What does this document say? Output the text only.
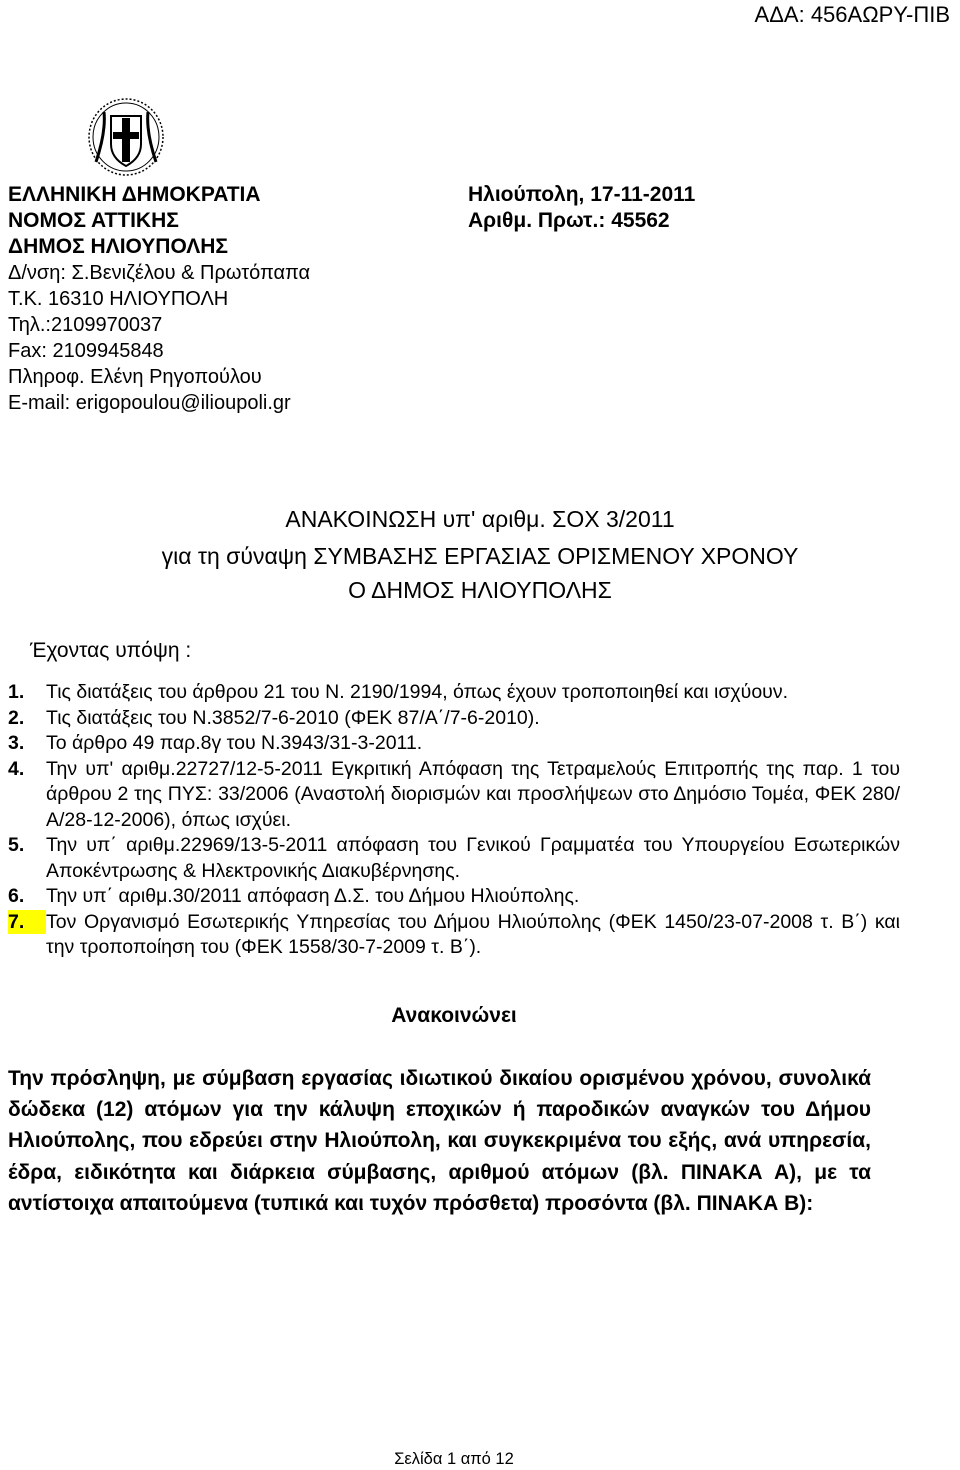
ΑΔΑ: 456ΑΩΡΥ-ΠΙΒ
ΕΛΛΗΝΙΚΗ ΔΗΜΟΚΡΑΤΙΑ
ΝΟΜΟΣ ΑΤΤΙΚΗΣ
ΔΗΜΟΣ ΗΛΙΟΥΠΟΛΗΣ
Δ/νση: Σ.Βενιζέλου & Πρωτόπαπα
Τ.Κ. 16310 ΗΛΙΟΥΠΟΛΗ
Τηλ.:2109970037
Fax: 2109945848
Πληροφ. Ελένη Ρηγοπούλου
E-mail: erigopoulou@ilioupoli.gr
Ηλιούπολη, 17-11-2011
Αριθμ. Πρωτ.: 45562
ΑΝΑΚΟΙΝΩΣΗ υπ' αριθμ. ΣΟΧ 3/2011
για τη σύναψη ΣΥΜΒΑΣΗΣ ΕΡΓΑΣΙΑΣ ΟΡΙΣΜΕΝΟΥ ΧΡΟΝΟΥ
Ο ΔΗΜΟΣ ΗΛΙΟΥΠΟΛΗΣ
Έχοντας υπόψη :
1.	Τις διατάξεις του άρθρου 21 του Ν. 2190/1994, όπως έχουν τροποποιηθεί και ισχύουν.
2.	Τις διατάξεις του Ν.3852/7-6-2010 (ΦΕΚ 87/Α΄/7-6-2010).
3.	Το άρθρο 49 παρ.8γ του Ν.3943/31-3-2011.
4.	Την υπ' αριθμ.22727/12-5-2011 Εγκριτική Απόφαση της Τετραμελούς Επιτροπής της παρ. 1 του άρθρου 2 της ΠΥΣ: 33/2006 (Αναστολή διορισμών και προσλήψεων στο Δημόσιο Τομέα, ΦΕΚ 280/Α/28-12-2006), όπως ισχύει.
5.	Την υπ΄ αριθμ.22969/13-5-2011 απόφαση του Γενικού Γραμματέα του Υπουργείου Εσωτερικών Αποκέντρωσης & Ηλεκτρονικής Διακυβέρνησης.
6.	Την υπ΄ αριθμ.30/2011 απόφαση Δ.Σ. του Δήμου Ηλιούπολης.
7.	Τον Οργανισμό Εσωτερικής Υπηρεσίας του Δήμου Ηλιούπολης (ΦΕΚ 1450/23-07-2008 τ. Β΄) και την τροποποίηση του (ΦΕΚ 1558/30-7-2009 τ. Β΄).
Ανακοινώνει
Την πρόσληψη, με σύμβαση εργασίας ιδιωτικού δικαίου ορισμένου χρόνου, συνολικά δώδεκα (12) ατόμων για την κάλυψη εποχικών ή παροδικών αναγκών του Δήμου Ηλιούπολης, που εδρεύει στην Ηλιούπολη, και συγκεκριμένα του εξής, ανά υπηρεσία, έδρα, ειδικότητα και διάρκεια σύμβασης, αριθμού ατόμων (βλ. ΠΙΝΑΚΑ Α), με τα αντίστοιχα απαιτούμενα (τυπικά και τυχόν πρόσθετα) προσόντα (βλ. ΠΙΝΑΚΑ Β):
Σελίδα 1 από 12
